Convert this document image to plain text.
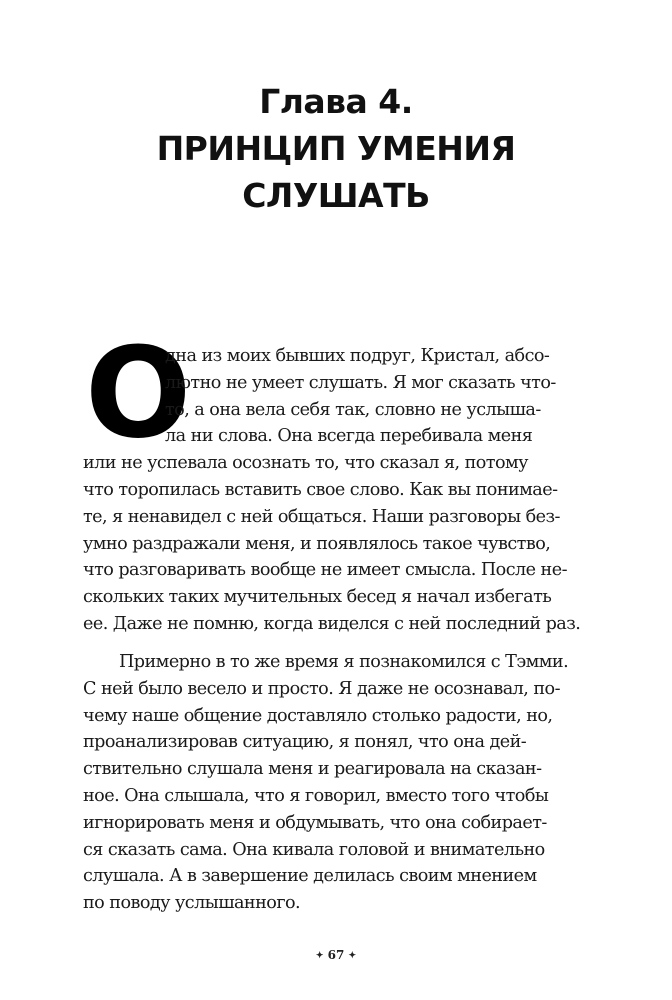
Глава 4.
ПРИНЦИП УМЕНИЯ
СЛУШАТЬ
О
дна из моих бывших подруг, Кристал, абсо-
лютно не умеет слушать. Я мог сказать что-
то, а она вела себя так, словно не услыша-
ла ни слова. Она всегда перебивала меня
или не успевала осознать то, что сказал я, потому
что торопилась вставить свое слово. Как вы понимае-
те, я ненавидел с ней общаться. Наши разговоры без-
умно раздражали меня, и появлялось такое чувство,
что разговаривать вообще не имеет смысла. После не-
скольких таких мучительных бесед я начал избегать
ее. Даже не помню, когда виделся с ней последний раз.
Примерно в то же время я познакомился с Тэмми.
С ней было весело и просто. Я даже не осознавал, по-
чему наше общение доставляло столько радости, но,
проанализировав ситуацию, я понял, что она дей-
ствительно слушала меня и реагировала на сказан-
ное. Она слышала, что я говорил, вместо того чтобы
игнорировать меня и обдумывать, что она собирает-
ся сказать сама. Она кивала головой и внимательно
слушала. А в завершение делилась своим мнением
по поводу услышанного.
✦ 67 ✦
